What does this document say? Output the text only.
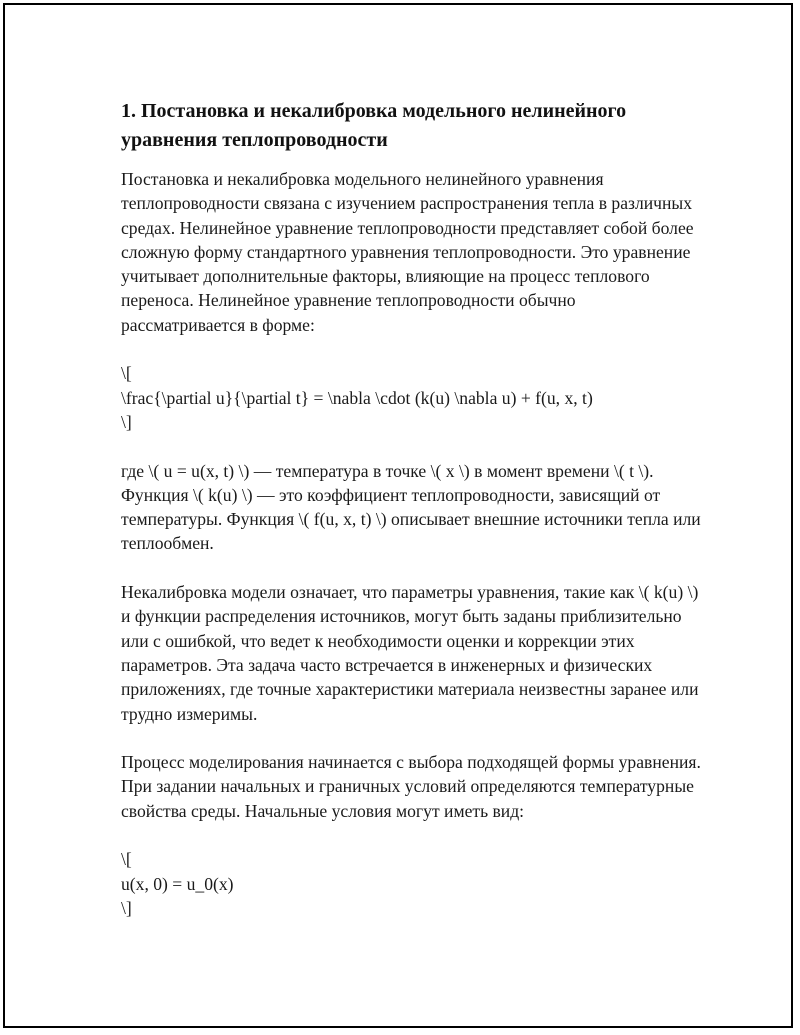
1. Постановка и некалибровка модельного нелинейного уравнения теплопроводности

Постановка и некалибровка модельного нелинейного уравнения теплопроводности связана с изучением распространения тепла в различных средах. Нелинейное уравнение теплопроводности представляет собой более сложную форму стандартного уравнения теплопроводности. Это уравнение учитывает дополнительные факторы, влияющие на процесс теплового переноса. Нелинейное уравнение теплопроводности обычно рассматривается в форме:

\[
\frac{\partial u}{\partial t} = \nabla \cdot (k(u) \nabla u) + f(u, x, t)
\]

где \( u = u(x, t) \) — температура в точке \( x \) в момент времени \( t \). Функция \( k(u) \) — это коэффициент теплопроводности, зависящий от температуры. Функция \( f(u, x, t) \) описывает внешние источники тепла или теплообмен.

Некалибровка модели означает, что параметры уравнения, такие как \( k(u) \) и функции распределения источников, могут быть заданы приблизительно или с ошибкой, что ведет к необходимости оценки и коррекции этих параметров. Эта задача часто встречается в инженерных и физических приложениях, где точные характеристики материала неизвестны заранее или трудно измеримы.

Процесс моделирования начинается с выбора подходящей формы уравнения. При задании начальных и граничных условий определяются температурные свойства среды. Начальные условия могут иметь вид:

\[
u(x, 0) = u_0(x)
\]
